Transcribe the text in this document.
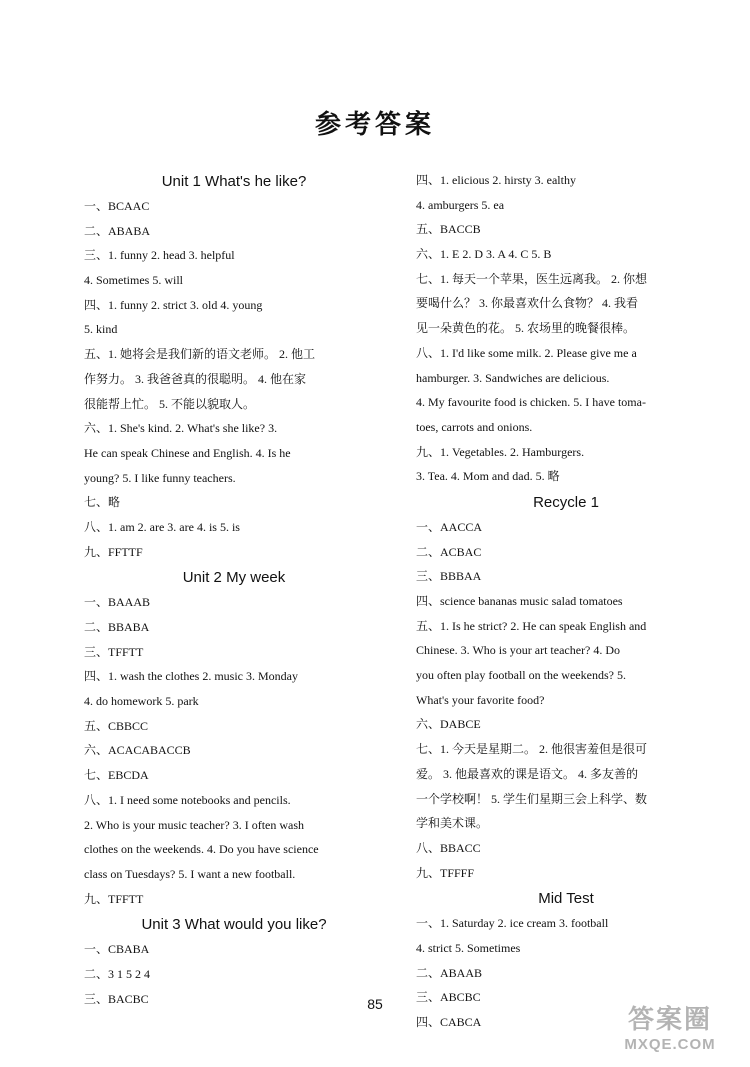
参考答案
Unit 1 What's he like?
一、BCAAC
二、ABABA
三、1. funny 2. head 3. helpful
4. Sometimes 5. will
四、1. funny 2. strict 3. old 4. young
5. kind
五、1. 她将会是我们新的语文老师。 2. 他工
作努力。 3. 我爸爸真的很聪明。 4. 他在家
很能帮上忙。 5. 不能以貌取人。
六、1. She's kind. 2. What's she like? 3.
He can speak Chinese and English. 4. Is he
young? 5. I like funny teachers.
七、略
八、1. am 2. are 3. are 4. is 5. is
九、FFTTF
Unit 2 My week
一、BAAAB
二、BBABA
三、TFFTT
四、1. wash the clothes 2. music 3. Monday
4. do homework 5. park
五、CBBCC
六、ACACABACCB
七、EBCDA
八、1. I need some notebooks and pencils.
2. Who is your music teacher? 3. I often wash
clothes on the weekends. 4. Do you have science
class on Tuesdays? 5. I want a new football.
九、TFFTT
Unit 3 What would you like?
一、CBABA
二、3 1 5 2 4
三、BACBC
四、1. elicious 2. hirsty 3. ealthy
4. amburgers 5. ea
五、BACCB
六、1. E 2. D 3. A 4. C 5. B
七、1. 每天一个苹果，医生远离我。 2. 你想
要喝什么？ 3. 你最喜欢什么食物？ 4. 我看
见一朵黄色的花。 5. 农场里的晚餐很棒。
八、1. I'd like some milk. 2. Please give me a
hamburger. 3. Sandwiches are delicious.
4. My favourite food is chicken. 5. I have toma-
toes, carrots and onions.
九、1. Vegetables. 2. Hamburgers.
3. Tea. 4. Mom and dad. 5. 略
Recycle 1
一、AACCA
二、ACBAC
三、BBBAA
四、science bananas music salad tomatoes
五、1. Is he strict? 2. He can speak English and
Chinese. 3. Who is your art teacher? 4. Do
you often play football on the weekends? 5.
What's your favorite food?
六、DABCE
七、1. 今天是星期二。 2. 他很害羞但是很可
爱。 3. 他最喜欢的课是语文。 4. 多友善的
一个学校啊！ 5. 学生们星期三会上科学、数
学和美术课。
八、BBACC
九、TFFFF
Mid Test
一、1. Saturday 2. ice cream 3. football
4. strict 5. Sometimes
二、ABAAB
三、ABCBC
四、CABCA
85	答案圈
MXQE.COM
